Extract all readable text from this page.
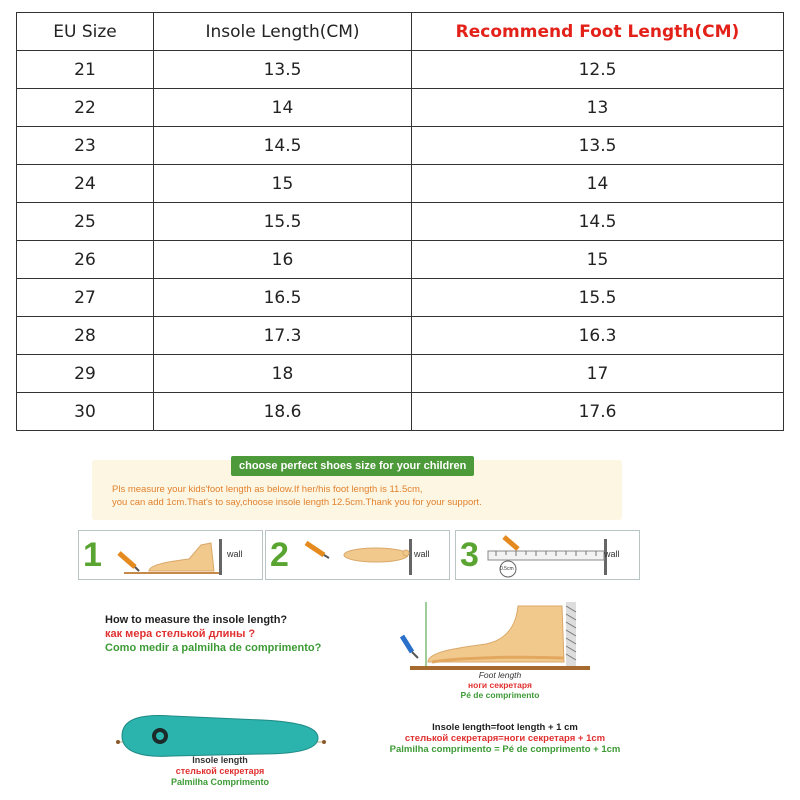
EU Size	Insole Length(CM)	Recommend Foot Length(CM)
21	13.5	12.5
22	14	13
23	14.5	13.5
24	15	14
25	15.5	14.5
26	16	15
27	16.5	15.5
28	17.3	16.3
29	18	17
30	18.6	17.6
choose perfect shoes size for your children
Pls measure your kids'foot length as below.If her/his foot length is 11.5cm,
you can add 1cm.That's to say,choose insole length 12.5cm.Thank you for your support.
1	wall 2	wall 3	wall
0.5cm
How to measure the insole length?
как мера стелькой длины ?
Como medir a palmilha de comprimento?
Foot length
ноги секретаря
Pé de comprimento
Insole length
стелькой секретаря
Palmilha Comprimento
Insole length=foot length + 1 cm
стелькой секретаря=ноги секретаря + 1cm
Palmilha comprimento = Pé de comprimento + 1cm
